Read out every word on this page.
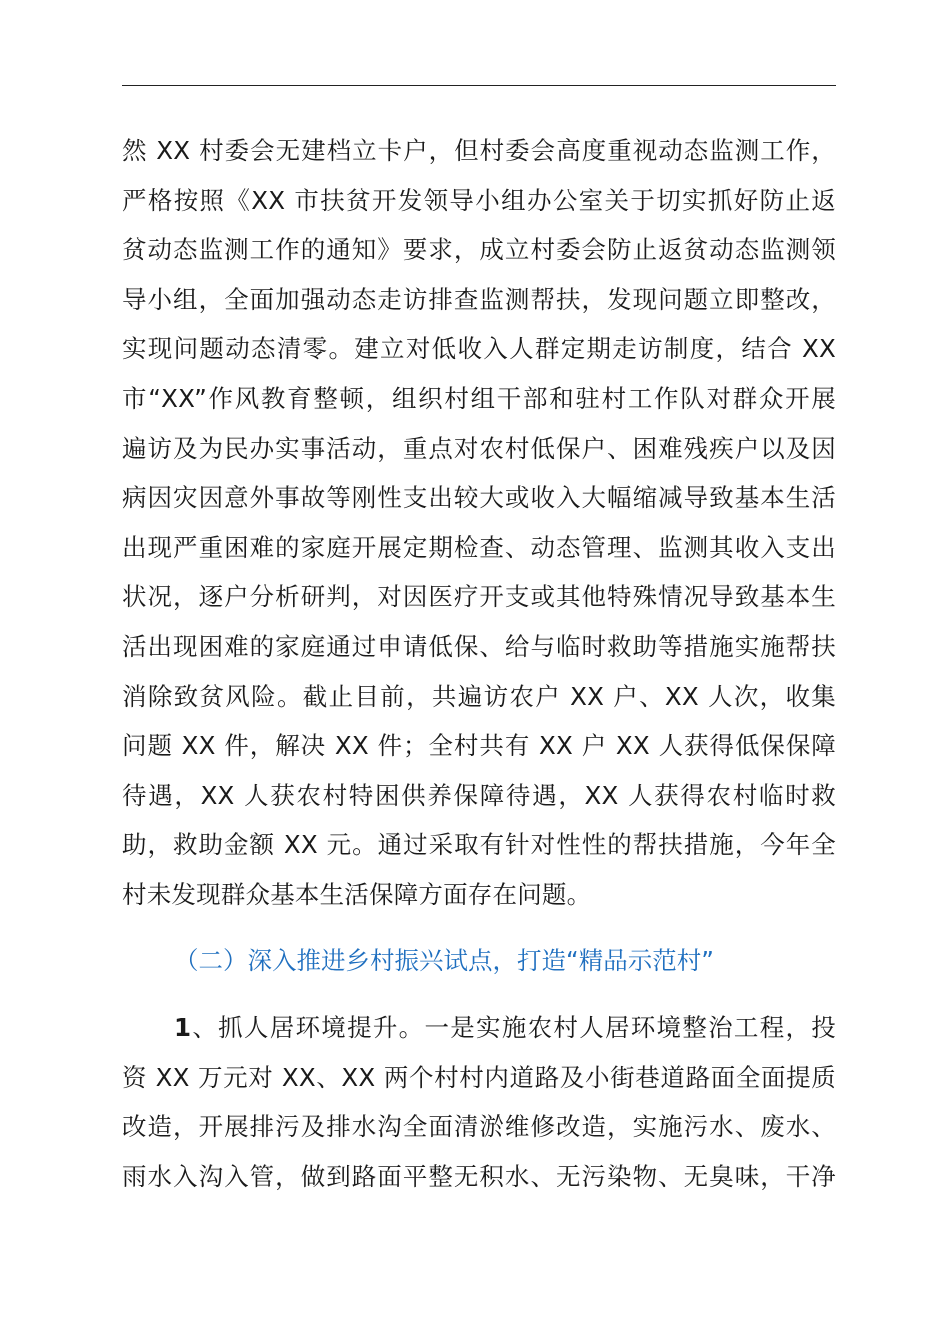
然 XX 村委会无建档立卡户，但村委会高度重视动态监测工作，
严格按照《XX 市扶贫开发领导小组办公室关于切实抓好防止返
贫动态监测工作的通知》要求，成立村委会防止返贫动态监测领
导小组，全面加强动态走访排查监测帮扶，发现问题立即整改，
实现问题动态清零。建立对低收入人群定期走访制度，结合 XX
市“XX”作风教育整顿，组织村组干部和驻村工作队对群众开展
遍访及为民办实事活动，重点对农村低保户、困难残疾户以及因
病因灾因意外事故等刚性支出较大或收入大幅缩减导致基本生活
出现严重困难的家庭开展定期检查、动态管理、监测其收入支出
状况，逐户分析研判，对因医疗开支或其他特殊情况导致基本生
活出现困难的家庭通过申请低保、给与临时救助等措施实施帮扶
消除致贫风险。截止目前，共遍访农户 XX 户、XX 人次，收集
问题 XX 件，解决 XX 件；全村共有 XX 户 XX 人获得低保保障
待遇，XX 人获农村特困供养保障待遇，XX 人获得农村临时救
助，救助金额 XX 元。通过采取有针对性性的帮扶措施，今年全
村未发现群众基本生活保障方面存在问题。

（二）深入推进乡村振兴试点，打造“精品示范村”

1、抓人居环境提升。一是实施农村人居环境整治工程，投
资 XX 万元对 XX、XX 两个村村内道路及小街巷道路面全面提质
改造，开展排污及排水沟全面清淤维修改造，实施污水、废水、
雨水入沟入管，做到路面平整无积水、无污染物、无臭味，干净
